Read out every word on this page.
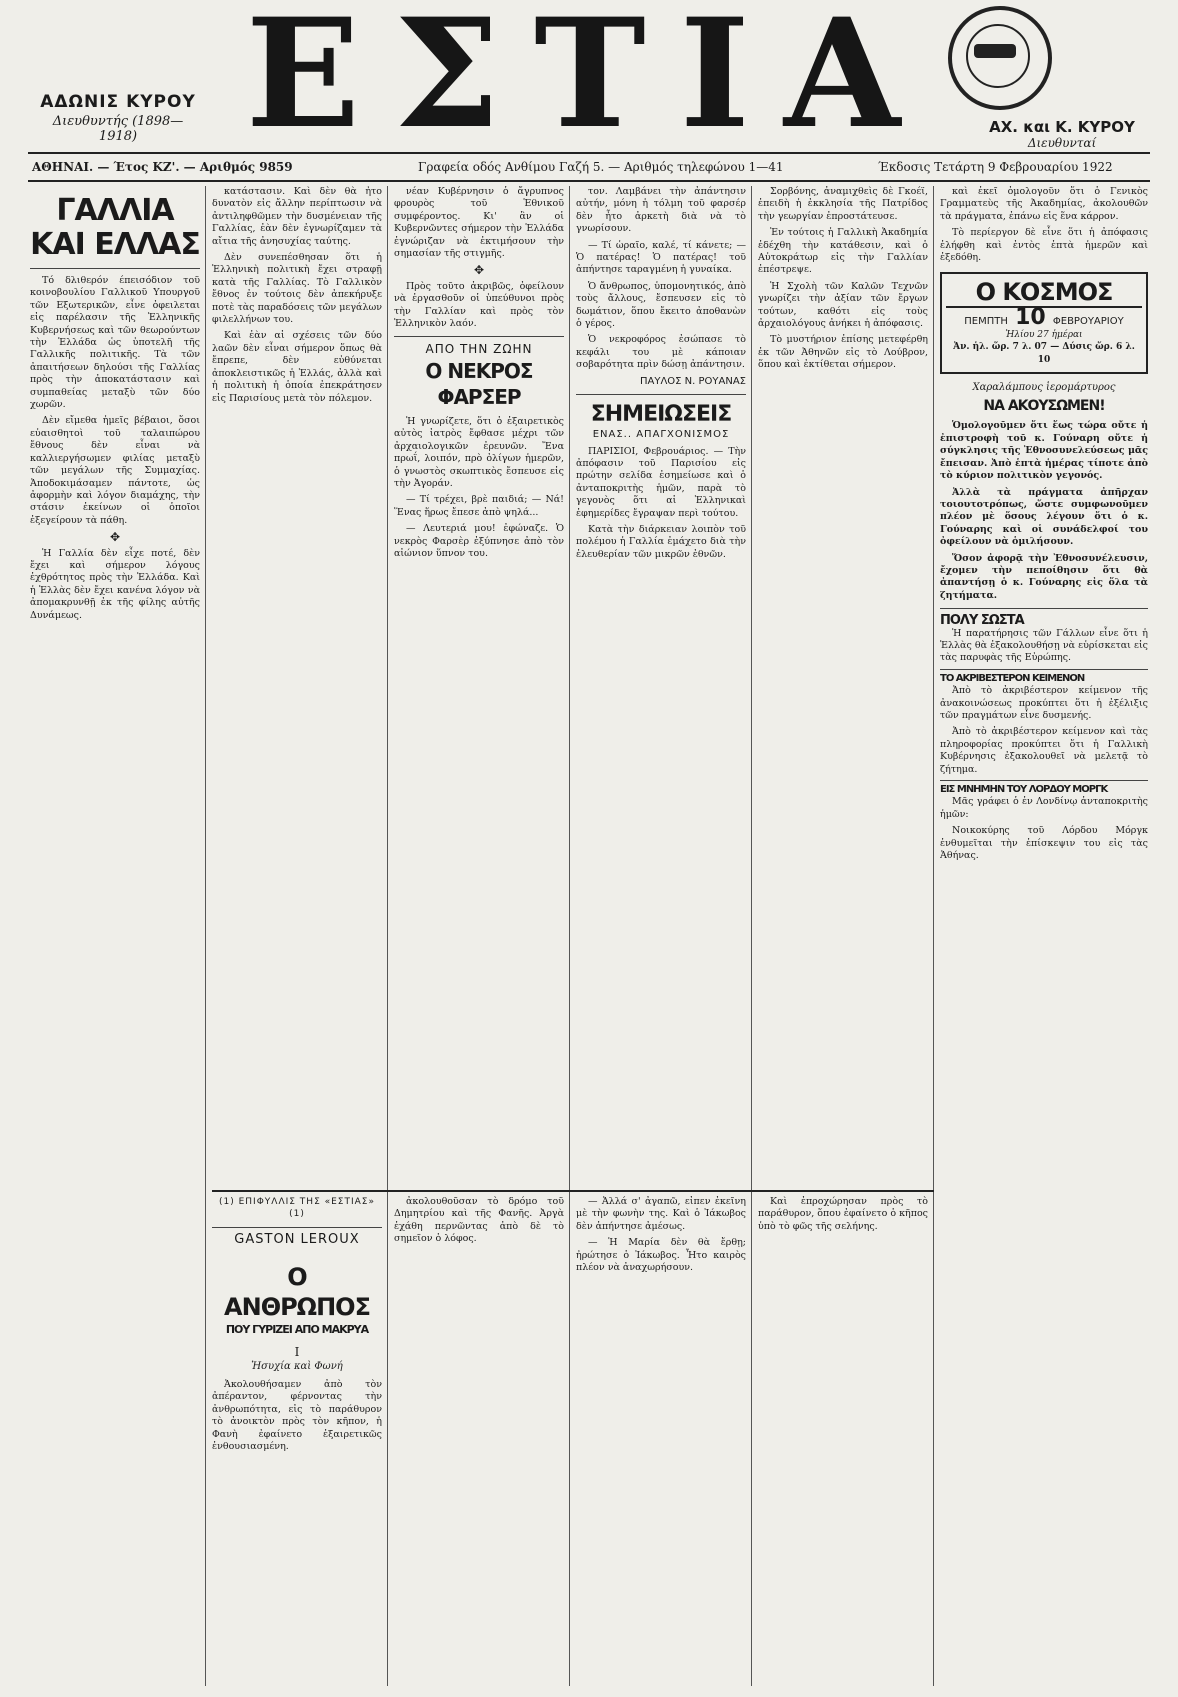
ΑΔΩΝΙΣ ΚΥΡΟΥ
Διευθυντής (1898—1918) ΕΣΤΙΑ	ΑΧ. και Κ. ΚΥΡΟΥ
Διευθυνταί
ΑΘΗΝΑΙ. — Έτος ΚΖ'. — Αριθμός 9859	Γραφεία οδός Ανθίμου Γαζή 5. — Αριθμός τηλεφώνου 1—41	Έκδοσις Τετάρτη 9 Φεβρουαρίου 1922
ΓΑΛΛΙΑ ΚΑΙ ΕΛΛΑΣ

Τό δλιθερόν έπεισόδιον τοῦ κοινοβουλίου Γαλλικοῦ Υπουργοῦ τῶν Εξωτερικῶν, εἶνε ὀφειλεται εἰς παρέλασιν τῆς Ἑλληνικῆς Κυβερνήσεως καὶ τῶν θεωρούντων τὴν Ἑλλάδα ὡς ὑποτελῆ τῆς Γαλλικῆς πολιτικῆς. Τὰ τῶν ἀπαιτήσεων δηλούσι τῆς Γαλλίας πρὸς τὴν ἀποκατάστασιν καὶ συμπαθείας μεταξὺ τῶν δύο χωρῶν.

Δὲν εἴμεθα ἡμεῖς βέβαιοι, ὅσοι εὐαισθητοὶ τοῦ ταλαιπώρου ἔθνους δὲν εἶναι νὰ καλλιεργήσωμεν φιλίας μεταξὺ τῶν μεγάλων τῆς Συμμαχίας. Ἀποδοκιμάσαμεν πάντοτε, ὡς ἀφορμὴν καὶ λόγον διαμάχης, τὴν στάσιν ἐκείνων οἱ ὁποῖοι ἐξεγείρουν τὰ πάθη.

✥

Ἡ Γαλλία δὲν εἶχε ποτέ, δὲν ἔχει καὶ σήμερον λόγους ἐχθρότητος πρὸς τὴν Ἑλλάδα. Καὶ ἡ Ἑλλὰς δὲν ἔχει κανένα λόγον νὰ ἀπομακρυνθῇ ἐκ τῆς φίλης αὐτῆς Δυνάμεως.

κατάστασιν. Καὶ δὲν θὰ ἦτο δυνατὸν εἰς ἄλλην περίπτωσιν νὰ ἀντιληφθῶμεν τὴν δυσμένειαν τῆς Γαλλίας, ἐὰν δὲν ἐγνωρίζαμεν τὰ αἴτια τῆς ἀνησυχίας ταύτης.

Δὲν συνεπέσθησαν ὅτι ἡ Ἑλληνικὴ πολιτικὴ ἔχει στραφῇ κατὰ τῆς Γαλλίας. Τὸ Γαλλικὸν ἔθνος ἐν τούτοις δὲν ἀπεκήρυξε ποτὲ τὰς παραδόσεις τῶν μεγάλων φιλελλήνων του.

Καὶ ἐὰν αἱ σχέσεις τῶν δύο λαῶν δὲν εἶναι σήμερον ὅπως θὰ ἔπρεπε, δὲν εὐθύνεται ἀποκλειστικῶς ἡ Ἑλλάς, ἀλλὰ καὶ ἡ πολιτικὴ ἡ ὁποία ἐπεκράτησεν εἰς Παρισίους μετὰ τὸν πόλεμον.

νέαν Κυβέρνησιν ὁ ἄγρυπνος φρουρὸς τοῦ Ἑθνικοῦ συμφέροντος. Κι' ἂν οἱ Κυβερνῶντες σήμερον τὴν Ἑλλάδα ἐγνώριζαν νὰ ἐκτιμήσουν τὴν σημασίαν τῆς στιγμῆς.

✥

Πρὸς τοῦτο ἀκριβῶς, ὀφείλουν νὰ ἐργασθοῦν οἱ ὑπεύθυνοι πρὸς τὴν Γαλλίαν καὶ πρὸς τὸν Ἑλληνικὸν λαόν.

ΑΠΟ ΤΗΝ ΖΩΗΝ
Ο ΝΕΚΡΟΣ ΦΑΡΣΕΡ

Ἡ γνωρίζετε, ὅτι ὁ ἐξαιρετικὸς αὐτὸς ἰατρὸς ἔφθασε μέχρι τῶν ἀρχαιολογικῶν ἐρευνῶν. Ἔνα πρωΐ, λοιπόν, πρὸ ὀλίγων ἡμερῶν, ὁ γνωστὸς σκωπτικὸς ἔσπευσε εἰς τὴν Ἀγοράν.

— Τί τρέχει, βρὲ παιδιά; — Νά! Ἕνας ἥρως ἔπεσε ἀπὸ ψηλά...

— Λευτεριά μου! ἐφώναζε. Ὁ νεκρὸς Φαρσὲρ ἐξύπνησε ἀπὸ τὸν αἰώνιον ὕπνον του.

τον. Λαμβάνει τὴν ἀπάντησιν αὐτήν, μόνη ἡ τόλμη τοῦ φαρσέρ δὲν ἦτο ἀρκετὴ διὰ νὰ τὸ γνωρίσουν.

— Τί ὡραῖο, καλέ, τί κάνετε; — Ὁ πατέρας! Ὁ πατέρας! τοῦ ἀπήντησε ταραγμένη ἡ γυναίκα.

Ὁ ἄνθρωπος, ὑπομονητικός, ἀπὸ τοὺς ἄλλους, ἔσπευσεν εἰς τὸ δωμάτιον, ὅπου ἔκειτο ἀποθανὼν ὁ γέρος.

Ὁ νεκροφόρος ἐσώπασε τὸ κεφάλι του μὲ κάποιαν σοβαρότητα πρὶν δώσῃ ἀπάντησιν.

ΠΑΥΛΟΣ Ν. ΡΟΥΑΝΑΣ
ΣΗΜΕΙΩΣΕΙΣ
ΕΝΑΣ.. ΑΠΑΓΧΟΝΙΣΜΟΣ

ΠΑΡΙΣΙΟΙ, Φεβρουάριος. — Τὴν ἀπόφασιν τοῦ Παρισίου εἰς πρώτην σελίδα ἐσημείωσε καὶ ὁ ἀνταποκριτὴς ἡμῶν, παρὰ τὸ γεγονὸς ὅτι αἱ Ἑλληνικαὶ ἐφημερίδες ἔγραψαν περὶ τούτου.

Κατὰ τὴν διάρκειαν λοιπὸν τοῦ πολέμου ἡ Γαλλία ἐμάχετο διὰ τὴν ἐλευθερίαν τῶν μικρῶν ἐθνῶν.

Σορβόνης, ἀναμιχθεὶς δὲ Γκοέϊ, ἐπειδὴ ἡ ἐκκλησία τῆς Πατρίδος τὴν γεωργίαν ἐπροστάτευσε.

Ἐν τούτοις ἡ Γαλλικὴ Ἀκαδημία ἐδέχθη τὴν κατάθεσιν, καὶ ὁ Αὐτοκράτωρ εἰς τὴν Γαλλίαν ἐπέστρεψε.

Ἡ Σχολὴ τῶν Καλῶν Τεχνῶν γνωρίζει τὴν ἀξίαν τῶν ἔργων τούτων, καθότι εἰς τοὺς ἀρχαιολόγους ἀνήκει ἡ ἀπόφασις.

Τὸ μυστήριον ἐπίσης μετεφέρθη ἐκ τῶν Ἀθηνῶν εἰς τὸ Λούβρον, ὅπου καὶ ἐκτίθεται σήμερον.

καὶ ἐκεῖ ὁμολογοῦν ὅτι ὁ Γενικὸς Γραμματεὺς τῆς Ἀκαδημίας, ἀκολουθῶν τὰ πράγματα, ἐπάνω εἰς ἕνα κάρρον.

Τὸ περίεργον δὲ εἶνε ὅτι ἡ ἀπόφασις ἐλήφθη καὶ ἐντὸς ἑπτὰ ἡμερῶν καὶ ἐξεδόθη.

Ο ΚΟΣΜΟΣ
ΠΕΜΠΤΗ 10 ΦΕΒΡΟΥΑΡΙΟΥ
Ἡλίου 27 ἡμέραι
Ἀν. ἡλ. ὥρ. 7 λ. 07 — Δύσις ὥρ. 6 λ. 10
Χαραλάμπους ἱερομάρτυρος
ΝΑ ΑΚΟΥΣΩΜΕΝ!

Ὁμολογοῦμεν ὅτι ἕως τώρα οὔτε ἡ ἐπιστροφὴ τοῦ κ. Γούναρη οὔτε ἡ σύγκλησις τῆς Ἐθνοσυνελεύσεως μᾶς ἔπεισαν. Ἀπὸ ἑπτὰ ἡμέρας τίποτε ἀπὸ τὸ κύριον πολιτικὸν γεγονός.

Ἀλλὰ τὰ πράγματα ἀπῆρχαν τοιουτοτρόπως, ὥστε συμφωνοῦμεν πλέον μὲ ὅσους λέγουν ὅτι ὁ κ. Γούναρης καὶ οἱ συνάδελφοί του ὀφείλουν νὰ ὁμιλήσουν.

Ὅσον ἀφορᾷ τὴν Ἐθνοσυνέλευσιν, ἔχομεν τὴν πεποίθησιν ὅτι θὰ ἀπαντήσῃ ὁ κ. Γούναρης εἰς ὅλα τὰ ζητήματα.

ΠΟΛΥ ΣΩΣΤΑ

Ἡ παρατήρησις τῶν Γάλλων εἶνε ὅτι ἡ Ἑλλὰς θὰ ἐξακολουθήσῃ νὰ εὑρίσκεται εἰς τὰς παρυφὰς τῆς Εὐρώπης.

ΤΟ ΑΚΡΙΒΕΣΤΕΡΟΝ ΚΕΙΜΕΝΟΝ

Ἀπὸ τὸ ἀκριβέστερον κείμενον τῆς ἀνακοινώσεως προκύπτει ὅτι ἡ ἐξέλιξις τῶν πραγμάτων εἶνε δυσμενής.

Ἀπὸ τὸ ἀκριβέστερον κείμενον καὶ τὰς πληροφορίας προκύπτει ὅτι ἡ Γαλλικὴ Κυβέρνησις ἐξακολουθεῖ νὰ μελετᾷ τὸ ζήτημα.

ΕΙΣ ΜΝΗΜΗΝ ΤΟΥ ΛΟΡΔΟΥ ΜΟΡΓΚ

Μᾶς γράφει ὁ ἐν Λονδίνῳ ἀνταποκριτὴς ἡμῶν:

Νοικοκύρης τοῦ Λόρδου Μόργκ ἐνθυμεῖται τὴν ἐπίσκεψιν του εἰς τὰς Ἀθήνας.

(1) ΕΠΙΦΥΛΛΙΣ ΤΗΣ «ΕΣΤΙΑΣ» (1)
GASTON LEROUX
Ο ΑΝΘΡΩΠΟΣ
ΠΟΥ ΓΥΡΙΖΕΙ ΑΠΟ ΜΑΚΡΥΑ
I
Ἡσυχία καὶ Φωνή

Ἀκολουθήσαμεν ἀπὸ τὸν ἀπέραντον, φέρνοντας τὴν ἀνθρωπότητα, εἰς τὸ παράθυρον τὸ ἀνοικτὸν πρὸς τὸν κῆπον, ἡ Φανὴ ἐφαίνετο ἐξαιρετικῶς ἐνθουσιασμένη.

ἀκολουθοῦσαν τὸ δρόμο τοῦ Δημητρίου καὶ τῆς Φανῆς. Ἀργὰ ἐχάθη περνῶντας ἀπὸ δὲ τὸ σημεῖον ὁ λόφος.

— Ἀλλά σ' ἀγαπῶ, εἶπεν ἐκεῖνη μὲ τὴν φωνὴν της. Καὶ ὁ Ἰάκωβος δὲν ἀπήντησε ἀμέσως.

— Ἡ Μαρία δὲν θὰ ἔρθῃ; ἠρώτησε ὁ Ἰάκωβος. Ἦτο καιρὸς πλέον νὰ ἀναχωρήσουν.

Καὶ ἐπροχώρησαν πρὸς τὸ παράθυρον, ὅπου ἐφαίνετο ὁ κῆπος ὑπὸ τὸ φῶς τῆς σελήνης.
